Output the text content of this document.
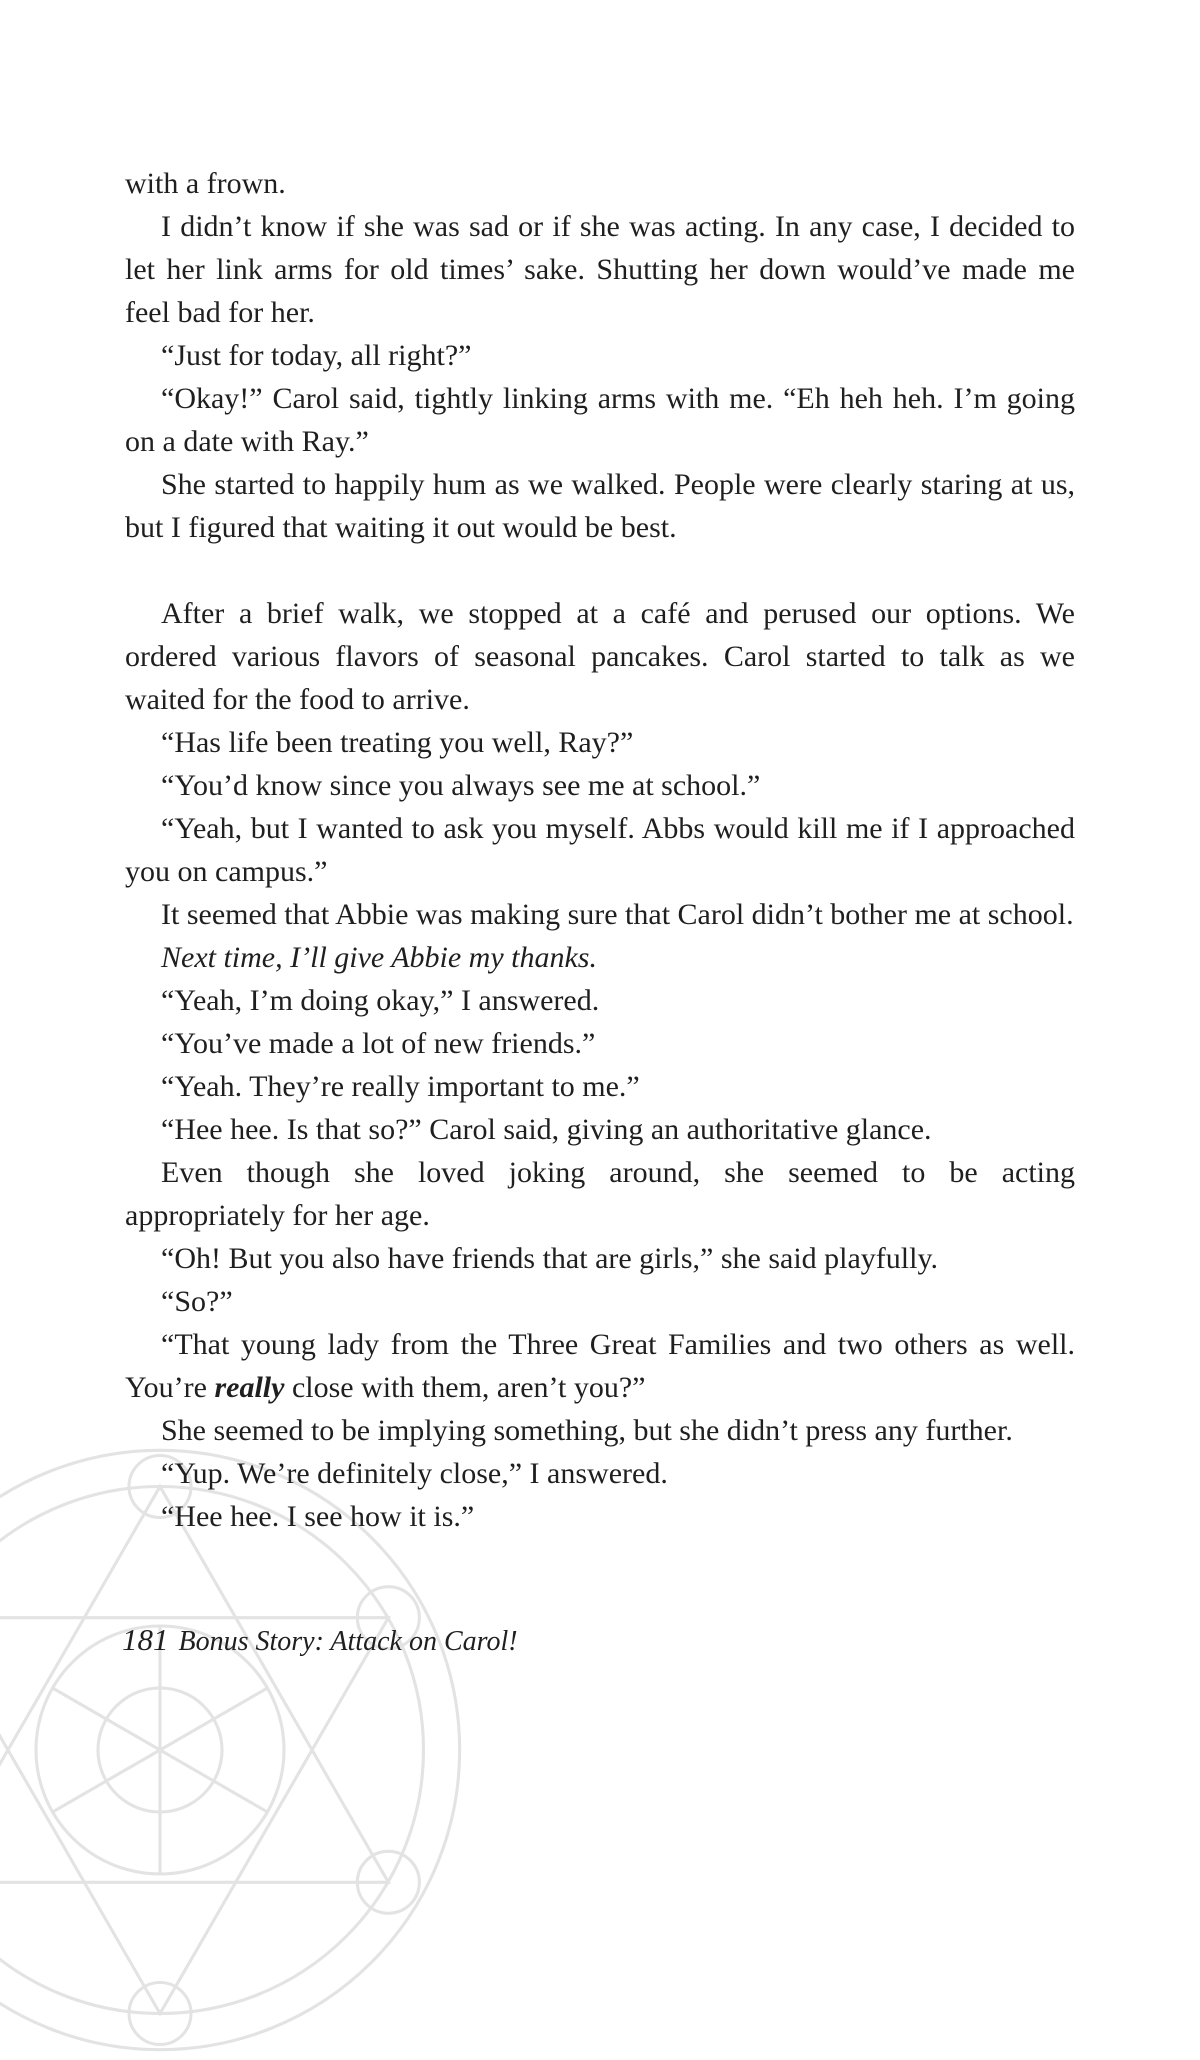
with a frown.

I didn’t know if she was sad or if she was acting. In any case, I decided to let her link arms for old times’ sake. Shutting her down would’ve made me feel bad for her.

“Just for today, all right?”

“Okay!” Carol said, tightly linking arms with me. “Eh heh heh. I’m going on a date with Ray.”

She started to happily hum as we walked. People were clearly staring at us, but I figured that waiting it out would be best.

After a brief walk, we stopped at a café and perused our options. We ordered various flavors of seasonal pancakes. Carol started to talk as we waited for the food to arrive.

“Has life been treating you well, Ray?”

“You’d know since you always see me at school.”

“Yeah, but I wanted to ask you myself. Abbs would kill me if I approached you on campus.”

It seemed that Abbie was making sure that Carol didn’t bother me at school.

Next time, I’ll give Abbie my thanks.

“Yeah, I’m doing okay,” I answered.

“You’ve made a lot of new friends.”

“Yeah. They’re really important to me.”

“Hee hee. Is that so?” Carol said, giving an authoritative glance.

Even though she loved joking around, she seemed to be acting appropriately for her age.

“Oh! But you also have friends that are girls,” she said playfully.

“So?”

“That young lady from the Three Great Families and two others as well. You’re really close with them, aren’t you?”

She seemed to be implying something, but she didn’t press any further.

“Yup. We’re definitely close,” I answered.

“Hee hee. I see how it is.”

181 Bonus Story: Attack on Carol!
